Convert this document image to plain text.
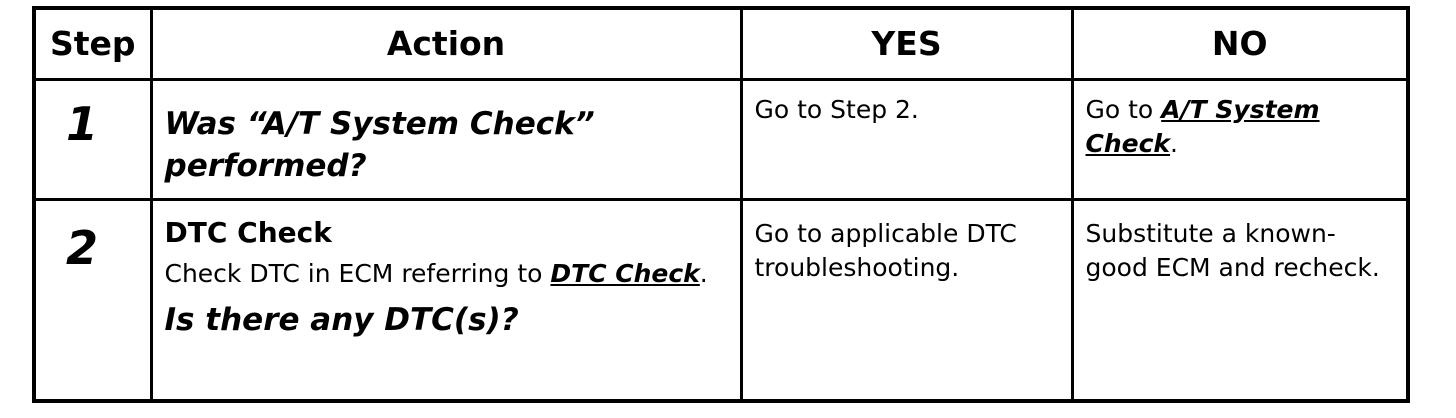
Step	Action	YES	NO
1	Was “A/T System Check” performed?	Go to Step 2.	Go to A/T System Check.
2	DTC Check
Check DTC in ECM referring to DTC Check.
Is there any DTC(s)?	Go to applicable DTC troubleshooting.	Substitute a known-good ECM and recheck.
